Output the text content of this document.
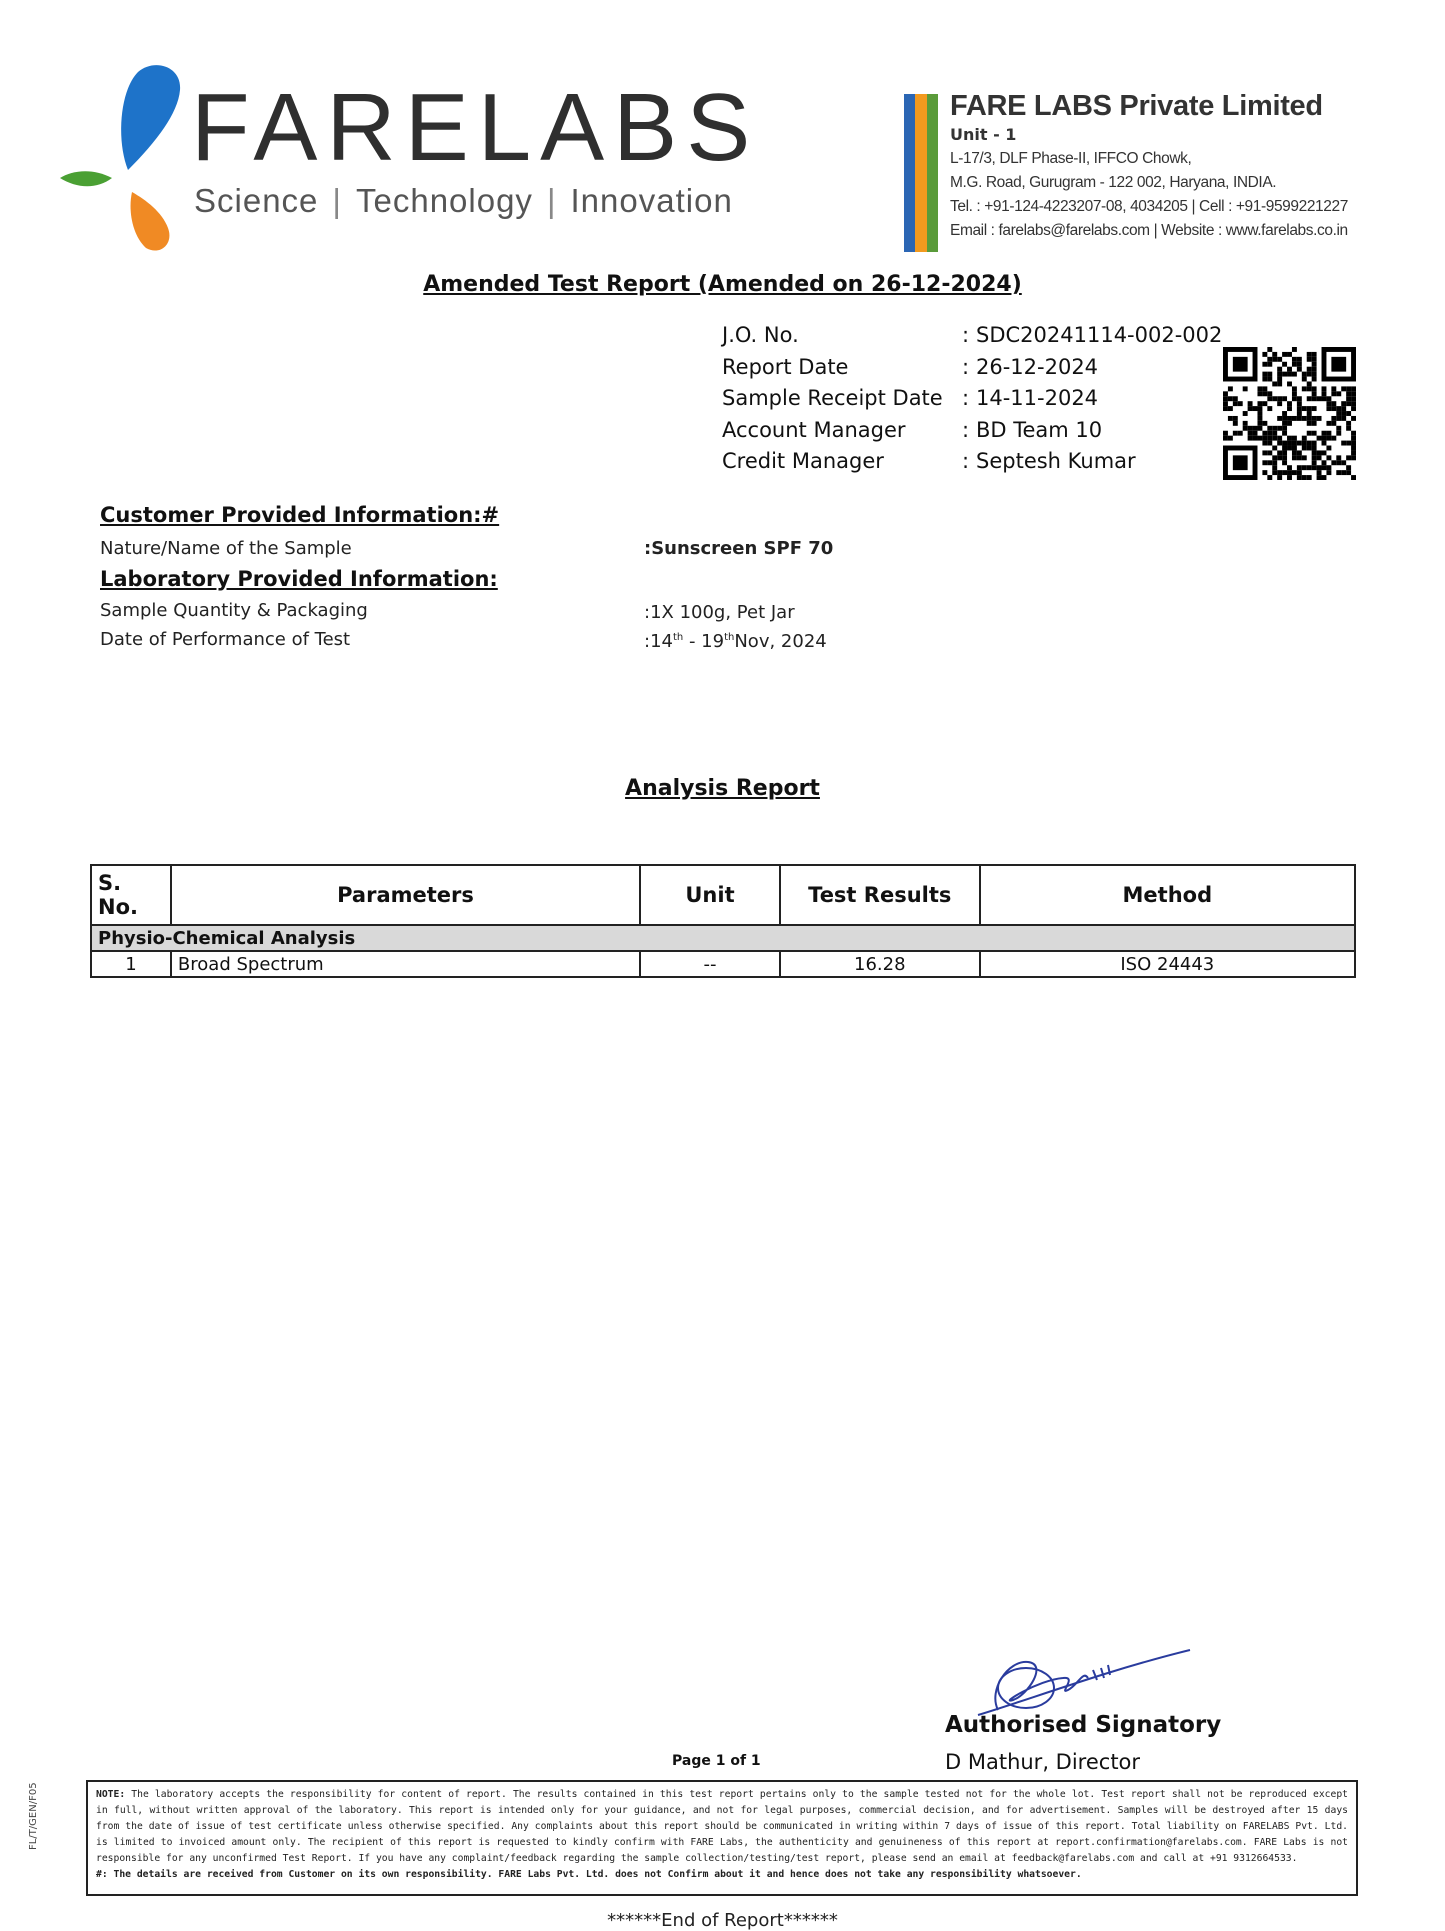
FARELABS
Science | Technology | Innovation
FARE LABS Private Limited
Unit - 1
L-17/3, DLF Phase-II, IFFCO Chowk,
M.G. Road, Gurugram - 122 002, Haryana, INDIA.
Tel. : +91-124-4223207-08, 4034205 | Cell : +91-9599221227
Email : farelabs@farelabs.com | Website : www.farelabs.co.in
Amended Test Report (Amended on 26-12-2024)
J.O. No.	: SDC20241114-002-002
Report Date	: 26-12-2024
Sample Receipt Date : 14-11-2024
Account Manager	: BD Team 10
Credit Manager	: Septesh Kumar
Customer Provided Information:#
Nature/Name of the Sample	:Sunscreen SPF 70
Laboratory Provided Information:
Sample Quantity & Packaging	:1X 100g, Pet Jar
Date of Performance of Test	:14th - 19thNov, 2024
Analysis Report
S. No.	Parameters	Unit	Test Results	Method
Physio-Chemical Analysis				
1	Broad Spectrum	--	16.28	ISO 24443
Authorised Signatory
D Mathur, Director
Page 1 of 1
NOTE: The laboratory accepts the responsibility for content of report. The results contained in this test report pertains only to the sample tested not for the whole lot. Test report shall not be reproduced except in full, without written approval of the laboratory. This report is intended only for your guidance, and not for legal purposes, commercial decision, and for advertisement. Samples will be destroyed after 15 days from the date of issue of test certificate unless otherwise specified. Any complaints about this report should be communicated in writing within 7 days of issue of this report. Total liability on FARELABS Pvt. Ltd. is limited to invoiced amount only. The recipient of this report is requested to kindly confirm with FARE Labs, the authenticity and genuineness of this report at report.confirmation@farelabs.com. FARE Labs is not responsible for any unconfirmed Test Report. If you have any complaint/feedback regarding the sample collection/testing/test report, please send an email at feedback@farelabs.com and call at +91 9312664533.
#: The details are received from Customer on its own responsibility. FARE Labs Pvt. Ltd. does not Confirm about it and hence does not take any responsibility whatsoever.
******End of Report******
FL/T/GEN/F05
